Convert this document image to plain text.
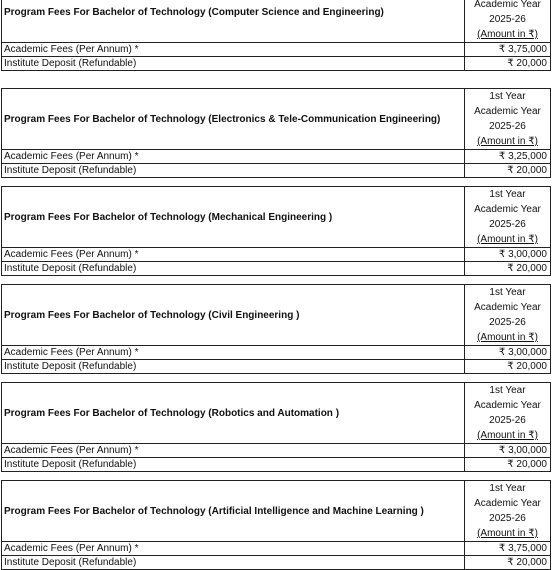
Program Fees For Bachelor of Technology (Computer Science and Engineering)	Academic Year
2025-26
(Amount in ₹)

Academic Fees (Per Annum) *	₹ 3,75,000
Institute Deposit (Refundable)	₹ 20,000
Program Fees For Bachelor of Technology (Electronics & Tele-Communication Engineering)	1st Year
Academic Year
2025-26
(Amount in ₹)

Academic Fees (Per Annum) *	₹ 3,25,000
Institute Deposit (Refundable)	₹ 20,000
Program Fees For Bachelor of Technology (Mechanical Engineering )	1st Year
Academic Year
2025-26
(Amount in ₹)

Academic Fees (Per Annum) *	₹ 3,00,000
Institute Deposit (Refundable)	₹ 20,000
Program Fees For Bachelor of Technology (Civil Engineering )	1st Year
Academic Year
2025-26
(Amount in ₹)

Academic Fees (Per Annum) *	₹ 3,00,000
Institute Deposit (Refundable)	₹ 20,000
Program Fees For Bachelor of Technology (Robotics and Automation )	1st Year
Academic Year
2025-26
(Amount in ₹)

Academic Fees (Per Annum) *	₹ 3,00,000
Institute Deposit (Refundable)	₹ 20,000
Program Fees For Bachelor of Technology (Artificial Intelligence and Machine Learning )	1st Year
Academic Year
2025-26
(Amount in ₹)

Academic Fees (Per Annum) *	₹ 3,75,000
Institute Deposit (Refundable)	₹ 20,000
